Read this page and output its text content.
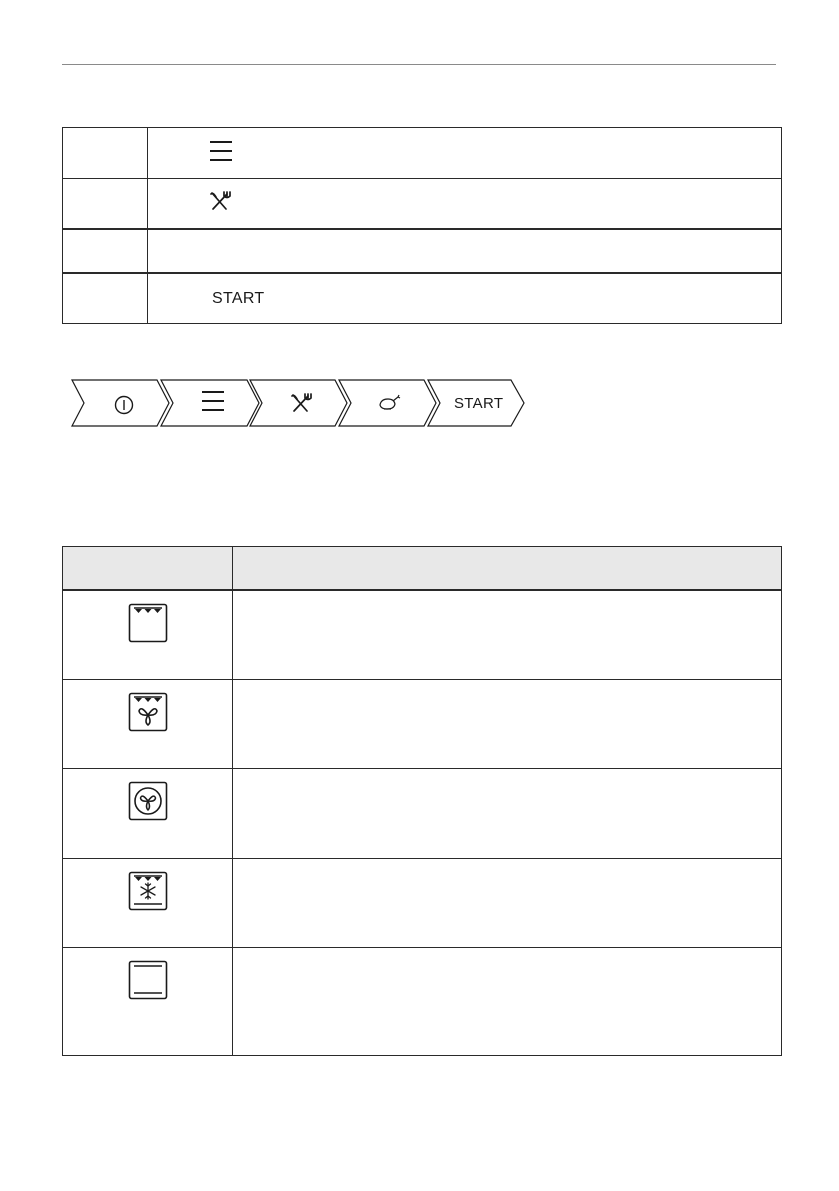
	START
START
